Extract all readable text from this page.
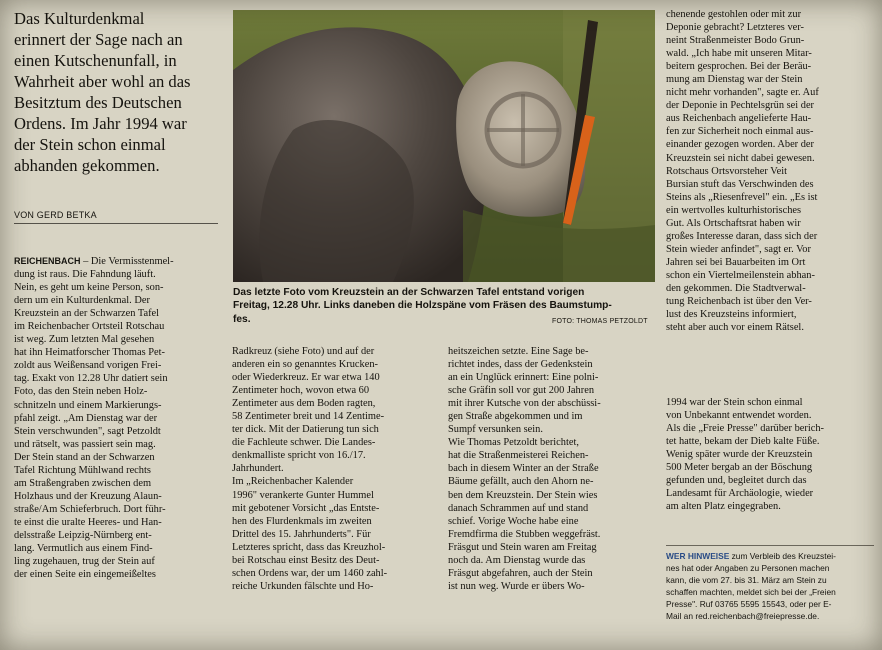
Das Kulturdenkmal
erinnert der Sage nach an
einen Kutschenunfall, in
Wahrheit aber wohl an das
Besitztum des Deutschen
Ordens. Im Jahr 1994 war
der Stein schon einmal
abhanden gekommen.
VON GERD BETKA
REICHENBACH – Die Vermisstenmel-
dung ist raus. Die Fahndung läuft.
Nein, es geht um keine Person, son-
dern um ein Kulturdenkmal. Der
Kreuzstein an der Schwarzen Tafel
im Reichenbacher Ortsteil Rotschau
ist weg. Zum letzten Mal gesehen
hat ihn Heimatforscher Thomas Pet-
zoldt aus Weißensand vorigen Frei-
tag. Exakt von 12.28 Uhr datiert sein
Foto, das den Stein neben Holz-
schnitzeln und einem Markierungs-
pfahl zeigt. „Am Dienstag war der
Stein verschwunden", sagt Petzoldt
und rätselt, was passiert sein mag.
Der Stein stand an der Schwarzen
Tafel Richtung Mühlwand rechts
am Straßengraben zwischen dem
Holzhaus und der Kreuzung Alaun-
straße/Am Schieferbruch. Dort führ-
te einst die uralte Heeres- und Han-
delsstraße Leipzig-Nürnberg ent-
lang. Vermutlich aus einem Find-
ling zugehauen, trug der Stein auf
der einen Seite ein eingemeißeltes
Das letzte Foto vom Kreuzstein an der Schwarzen Tafel entstand vorigen
Freitag, 12.28 Uhr. Links daneben die Holzspäne vom Fräsen des Baumstump-
fes.	FOTO: THOMAS PETZOLDT
Radkreuz (siehe Foto) und auf der
anderen ein so genanntes Krucken-
oder Wiederkreuz. Er war etwa 140
Zentimeter hoch, wovon etwa 60
Zentimeter aus dem Boden ragten,
58 Zentimeter breit und 14 Zentime-
ter dick. Mit der Datierung tun sich
die Fachleute schwer. Die Landes-
denkmalliste spricht von 16./17.
Jahrhundert.
Im „Reichenbacher Kalender
1996" verankerte Gunter Hummel
mit gebotener Vorsicht „das Entste-
hen des Flurdenkmals im zweiten
Drittel des 15. Jahrhunderts". Für
Letzteres spricht, dass das Kreuzhol-
bei Rotschau einst Besitz des Deut-
schen Ordens war, der um 1460 zahl-
reiche Urkunden fälschte und Ho-
heitszeichen setzte. Eine Sage be-
richtet indes, dass der Gedenkstein
an ein Unglück erinnert: Eine polni-
sche Gräfin soll vor gut 200 Jahren
mit ihrer Kutsche von der abschüssi-
gen Straße abgekommen und im
Sumpf versunken sein.
Wie Thomas Petzoldt berichtet,
hat die Straßenmeisterei Reichen-
bach in diesem Winter an der Straße
Bäume gefällt, auch den Ahorn ne-
ben dem Kreuzstein. Der Stein wies
danach Schrammen auf und stand
schief. Vorige Woche habe eine
Fremdfirma die Stubben weggefräst.
Fräsgut und Stein waren am Freitag
noch da. Am Dienstag wurde das
Fräsgut abgefahren, auch der Stein
ist nun weg. Wurde er übers Wo-
chenende gestohlen oder mit zur
Deponie gebracht? Letzteres ver-
neint Straßenmeister Bodo Grun-
wald. „Ich habe mit unseren Mitar-
beitern gesprochen. Bei der Beräu-
mung am Dienstag war der Stein
nicht mehr vorhanden", sagte er. Auf
der Deponie in Pechtelsgrün sei der
aus Reichenbach angelieferte Hau-
fen zur Sicherheit noch einmal aus-
einander gezogen worden. Aber der
Kreuzstein sei nicht dabei gewesen.
Rotschaus Ortsvorsteher Veit
Bursian stuft das Verschwinden des
Steins als „Riesenfrevel" ein. „Es ist
ein wertvolles kulturhistorisches
Gut. Als Ortschaftsrat haben wir
großes Interesse daran, dass sich der
Stein wieder anfindet", sagt er. Vor
Jahren sei bei Bauarbeiten im Ort
schon ein Viertelmeilenstein abhan-
den gekommen. Die Stadtverwal-
tung Reichenbach ist über den Ver-
lust des Kreuzsteins informiert,
steht aber auch vor einem Rätsel.
1994 war der Stein schon einmal
von Unbekannt entwendet worden.
Als die „Freie Presse" darüber berich-
tet hatte, bekam der Dieb kalte Füße.
Wenig später wurde der Kreuzstein
500 Meter bergab an der Böschung
gefunden und, begleitet durch das
Landesamt für Archäologie, wieder
am alten Platz eingegraben.
WER HINWEISE zum Verbleib des Kreuzstei-
nes hat oder Angaben zu Personen machen
kann, die vom 27. bis 31. März am Stein zu
schaffen machten, meldet sich bei der „Freien
Presse". Ruf 03765 5595 15543, oder per E-
Mail an red.reichenbach@freiepresse.de.
